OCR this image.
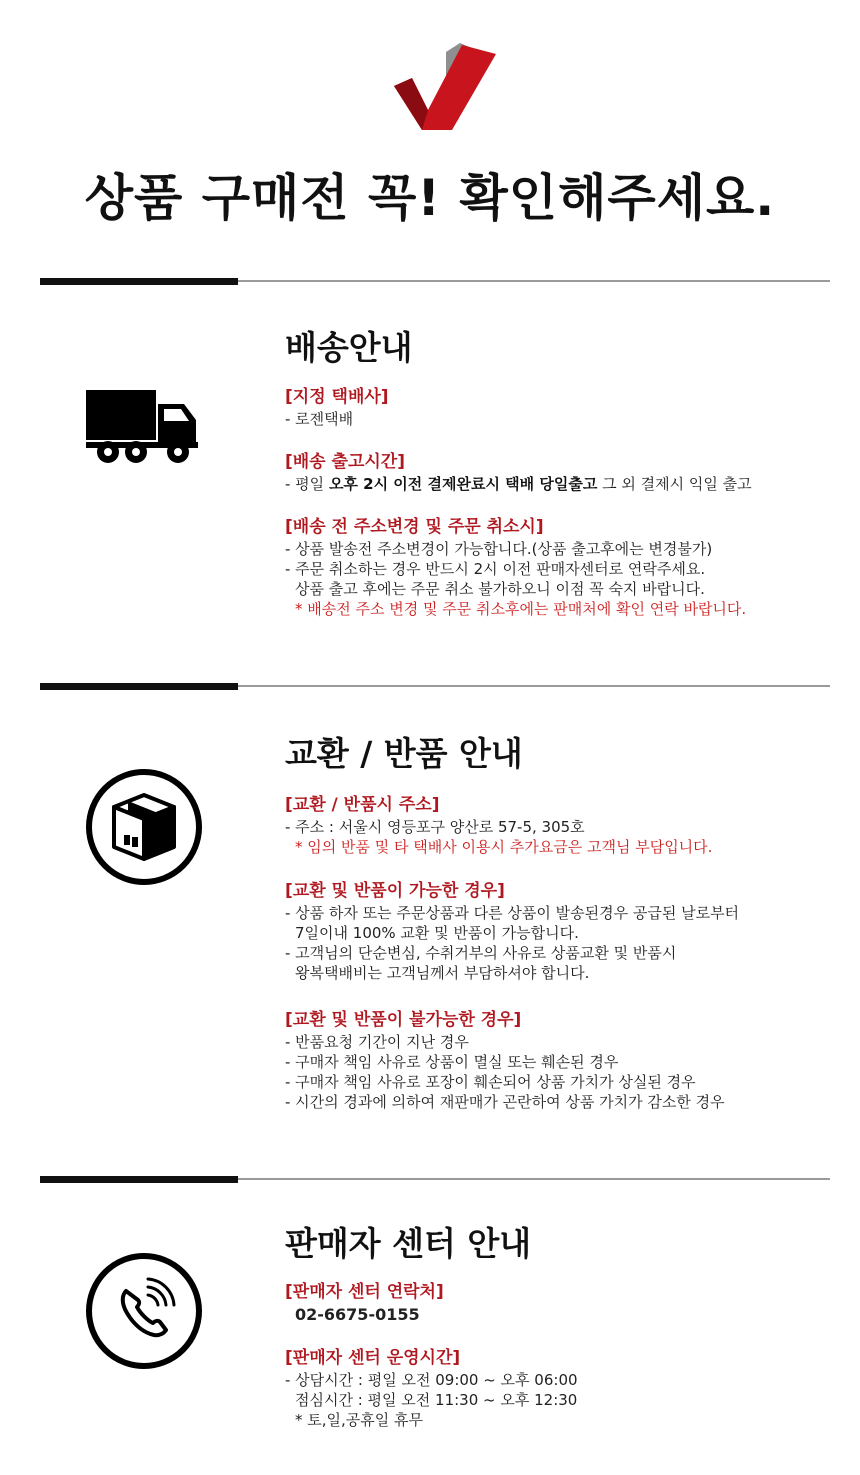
상품 구매전 꼭! 확인해주세요.
배송안내

[지정 택배사]

- 로젠택배

[배송 출고시간]

- 평일 오후 2시 이전 결제완료시 택배 당일출고 그 외 결제시 익일 출고

[배송 전 주소변경 및 주문 취소시]

- 상품 발송전 주소변경이 가능합니다.(상품 출고후에는 변경불가)

- 주문 취소하는 경우 반드시 2시 이전 판매자센터로 연락주세요.

상품 출고 후에는 주문 취소 불가하오니 이점 꼭 숙지 바랍니다.

* 배송전 주소 변경 및 주문 취소후에는 판매처에 확인 연락 바랍니다.

교환 / 반품 안내

[교환 / 반품시 주소]

- 주소 : 서울시 영등포구 양산로 57-5, 305호

* 임의 반품 및 타 택배사 이용시 추가요금은 고객님 부담입니다.

[교환 및 반품이 가능한 경우]

- 상품 하자 또는 주문상품과 다른 상품이 발송된경우 공급된 날로부터

7일이내 100% 교환 및 반품이 가능합니다.

- 고객님의 단순변심, 수취거부의 사유로 상품교환 및 반품시

왕복택배비는 고객님께서 부담하셔야 합니다.

[교환 및 반품이 불가능한 경우]

- 반품요청 기간이 지난 경우

- 구매자 책임 사유로 상품이 멸실 또는 훼손된 경우

- 구매자 책임 사유로 포장이 훼손되어 상품 가치가 상실된 경우

- 시간의 경과에 의하여 재판매가 곤란하여 상품 가치가 감소한 경우

판매자 센터 안내

[판매자 센터 연락처]

02-6675-0155

[판매자 센터 운영시간]

- 상담시간 : 평일 오전 09:00 ~ 오후 06:00

점심시간 : 평일 오전 11:30 ~ 오후 12:30

* 토,일,공휴일 휴무
